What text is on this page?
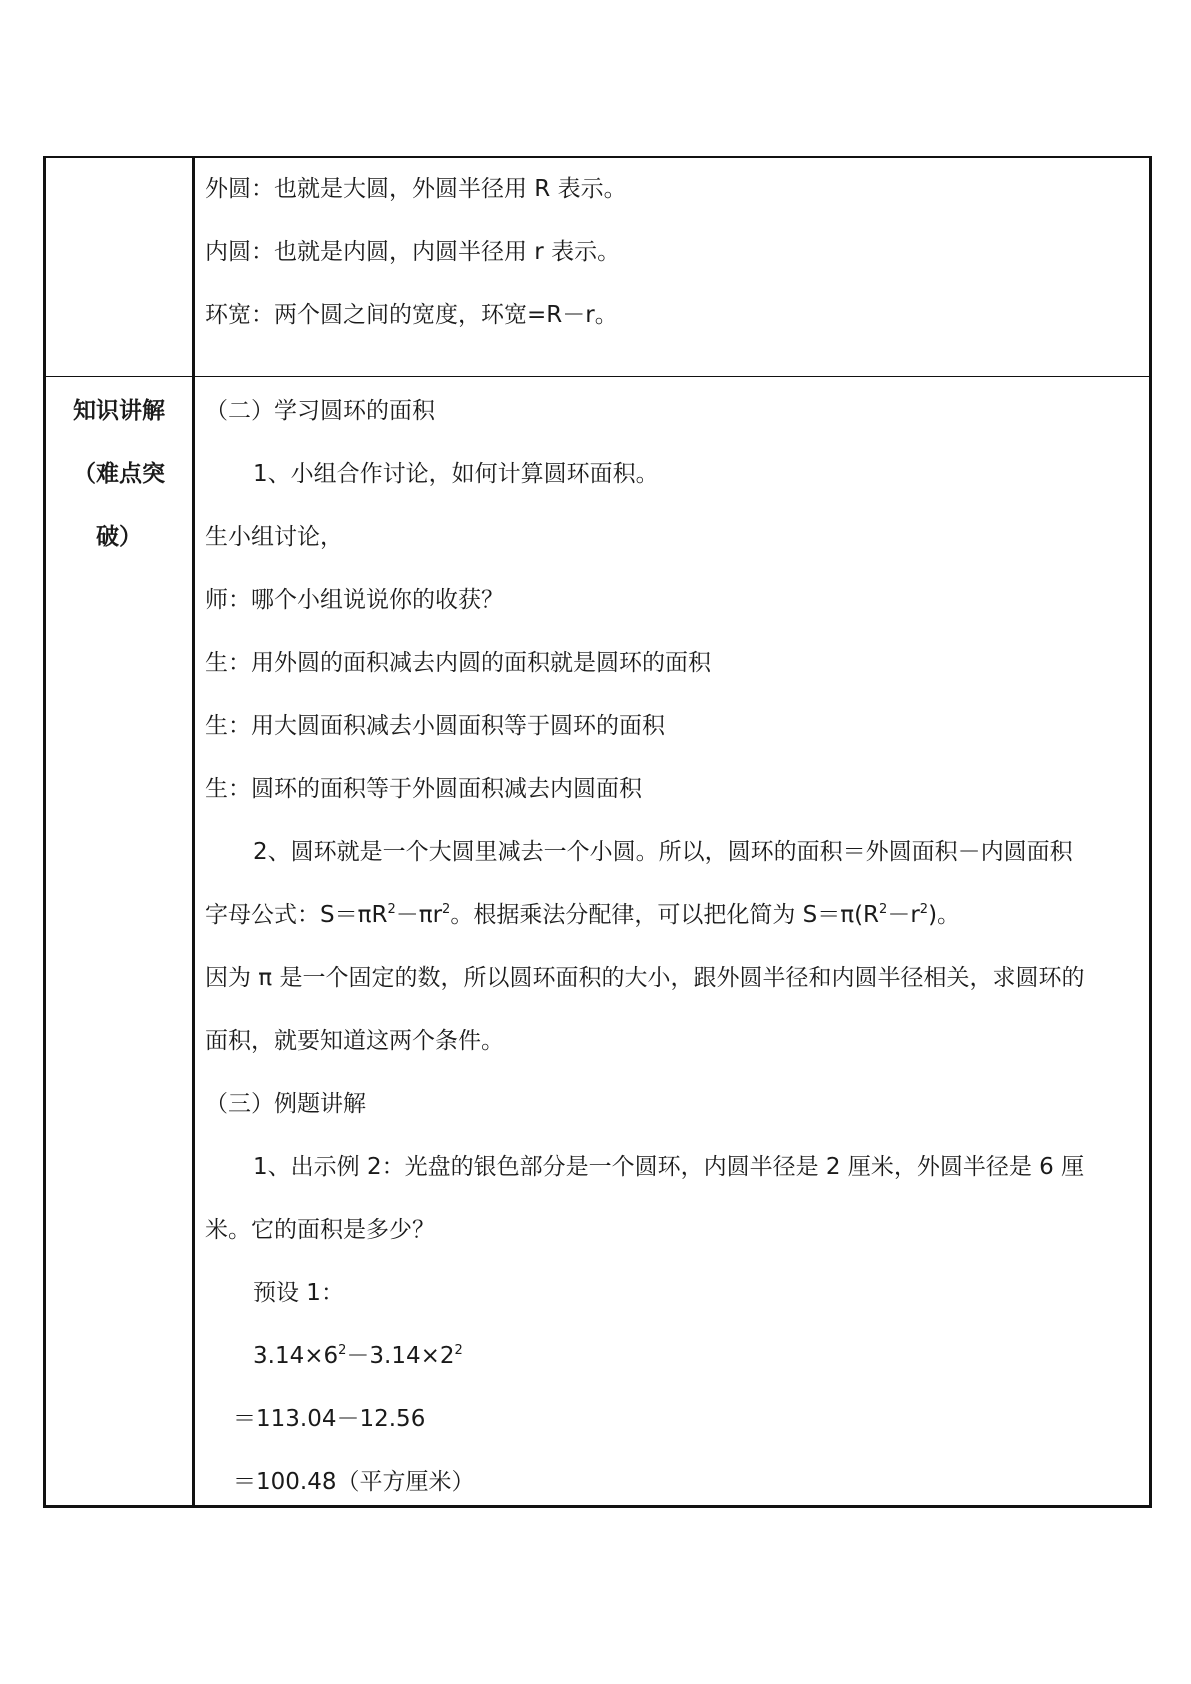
外圆：也就是大圆，外圆半径用 R 表示。
内圆：也就是内圆，内圆半径用 r 表示。
环宽：两个圆之间的宽度，环宽=R－r。
知识讲解
（难点突
破）
（二）学习圆环的面积
1、小组合作讨论，如何计算圆环面积。
生小组讨论，
师：哪个小组说说你的收获？
生：用外圆的面积减去内圆的面积就是圆环的面积
生：用大圆面积减去小圆面积等于圆环的面积
生：圆环的面积等于外圆面积减去内圆面积
2、圆环就是一个大圆里减去一个小圆。所以，圆环的面积＝外圆面积－内圆面积
字母公式：$S=\pi R^2-\pi r^2$。根据乘法分配律，可以把化简为 $S=\pi(R^2-r^2)$。
因为 π 是一个固定的数，所以圆环面积的大小，跟外圆半径和内圆半径相关，求圆环的
面积，就要知道这两个条件。
（三）例题讲解
1、出示例 2：光盘的银色部分是一个圆环，内圆半径是 2 厘米，外圆半径是 6 厘
米。它的面积是多少？
预设 1：
$3.14\times 6^2-3.14\times 2^2$
＝113.04－12.56
＝100.48（平方厘米）
